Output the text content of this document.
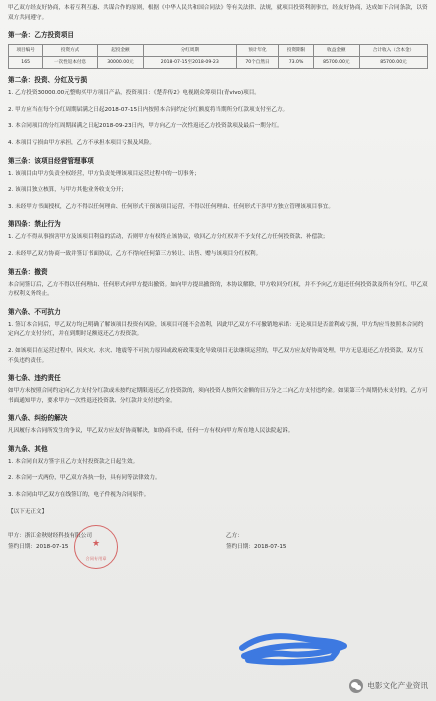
甲乙双方经友好协商，本着互利互惠、共谋合作的原则，根据《中华人民共和国合同法》等有关法律、法规，就项目投资利润事宜，经友好协商，达成如下合同条款，以资双方共同遵守。
第一条：乙方投资项目
项目编号	投资方式	起投金额	分红周期	预计年化	投资期限	收益金额	合计收入（含本金）
165	一次性返本付息	30000.00元	2018-07-15至2018-09-23	70个自然日	73.0%	85700.00元	85700.00元
第二条：投资、分红及亏损
1. 乙方投资30000.00元整购买甲方项目产品，投资项目：《楚乔传2》电视剧众筹项目(青vivo)项目。
2. 甲方应当在每个分红周期届满之日起2018-07-15日内按照本合同约定分红额度将当期所分红款项支付至乙方。
3. 本合同项目的分红周期届满之日起2018-09-23日内，甲方向乙方一次性返还乙方投资款项及最后一期分红。
4. 本项目亏损由甲方承担，乙方不承担本项目亏损及风险。
第三条：该项目经营管理事项
1. 该项目由甲方负责全权经营，甲方负责处理该项目运营过程中的一切事务；
2. 该项目独立核算，与甲方其他业务收支分开；
3. 未经甲方书面授权，乙方不得以任何理由、任何形式干预该项目运营，不得以任何理由、任何形式干涉甲方独立管理该项目事宜。
第四条：禁止行为
1. 乙方不得从事损害甲方及该项目利益的活动，否则甲方有权终止该协议，收回乙方分红权并不予支付乙方任何投资款、补偿款；
2. 未经甲乙双方协商一致并签订书面协议，乙方不得向任何第三方转让、出售、赠与该项目分红权利。
第五条：撤资
本合同签订后，乙方不得以任何理由、任何形式向甲方提出撤资。如向甲方提出撤资的，本协议解除，甲方收回分红权，并不予向乙方退还任何投资款及所有分红，甲乙双方权利义务终止。
第六条、不可抗力
1. 签订本合同后，甲乙双方均已明确了解该项目投资有风险，该项目可能不会盈利，因此甲乙双方不可撤销地承诺：无论项目是否盈利或亏损，甲方均应当按照本合同约定向乙方支付分红，并在到期时足额返还乙方投资款。
2. 如该项目在运营过程中，因火灾、水灾、地震等不可抗力原因或政府政策变化导致项目无法继续运营的，甲乙双方应友好协商处理，甲方无息退还乙方投资款，双方互不负违约责任。
第七条、违约责任
如甲方未按照合同约定向乙方支付分红款或未按约定期限返还乙方投资款的，须向投资人按所欠金额的日万分之二向乙方支付违约金。如果第三个周期仍未支付的，乙方可书面通知甲方，要求甲方一次性退还投资款、分红款并支付违约金。
第八条、纠纷的解决
凡因履行本合同所发生的争议，甲乙双方应友好协商解决，如协商不成，任何一方有权向甲方所在地人民法院起诉。
第九条、其他
1. 本合同自双方签字且乙方支付投资款之日起生效。
2. 本合同一式两份，甲乙双方各执一份，具有同等法律效力。
3. 本合同由甲乙双方在线签订的，电子件视为合同原件。
【以下无正文】
甲方：浙江金秋财经科技有限公司
签约日期：2018-07-15	★
合同专用章
乙方：
签约日期：2018-07-15
电影文化产业资讯
